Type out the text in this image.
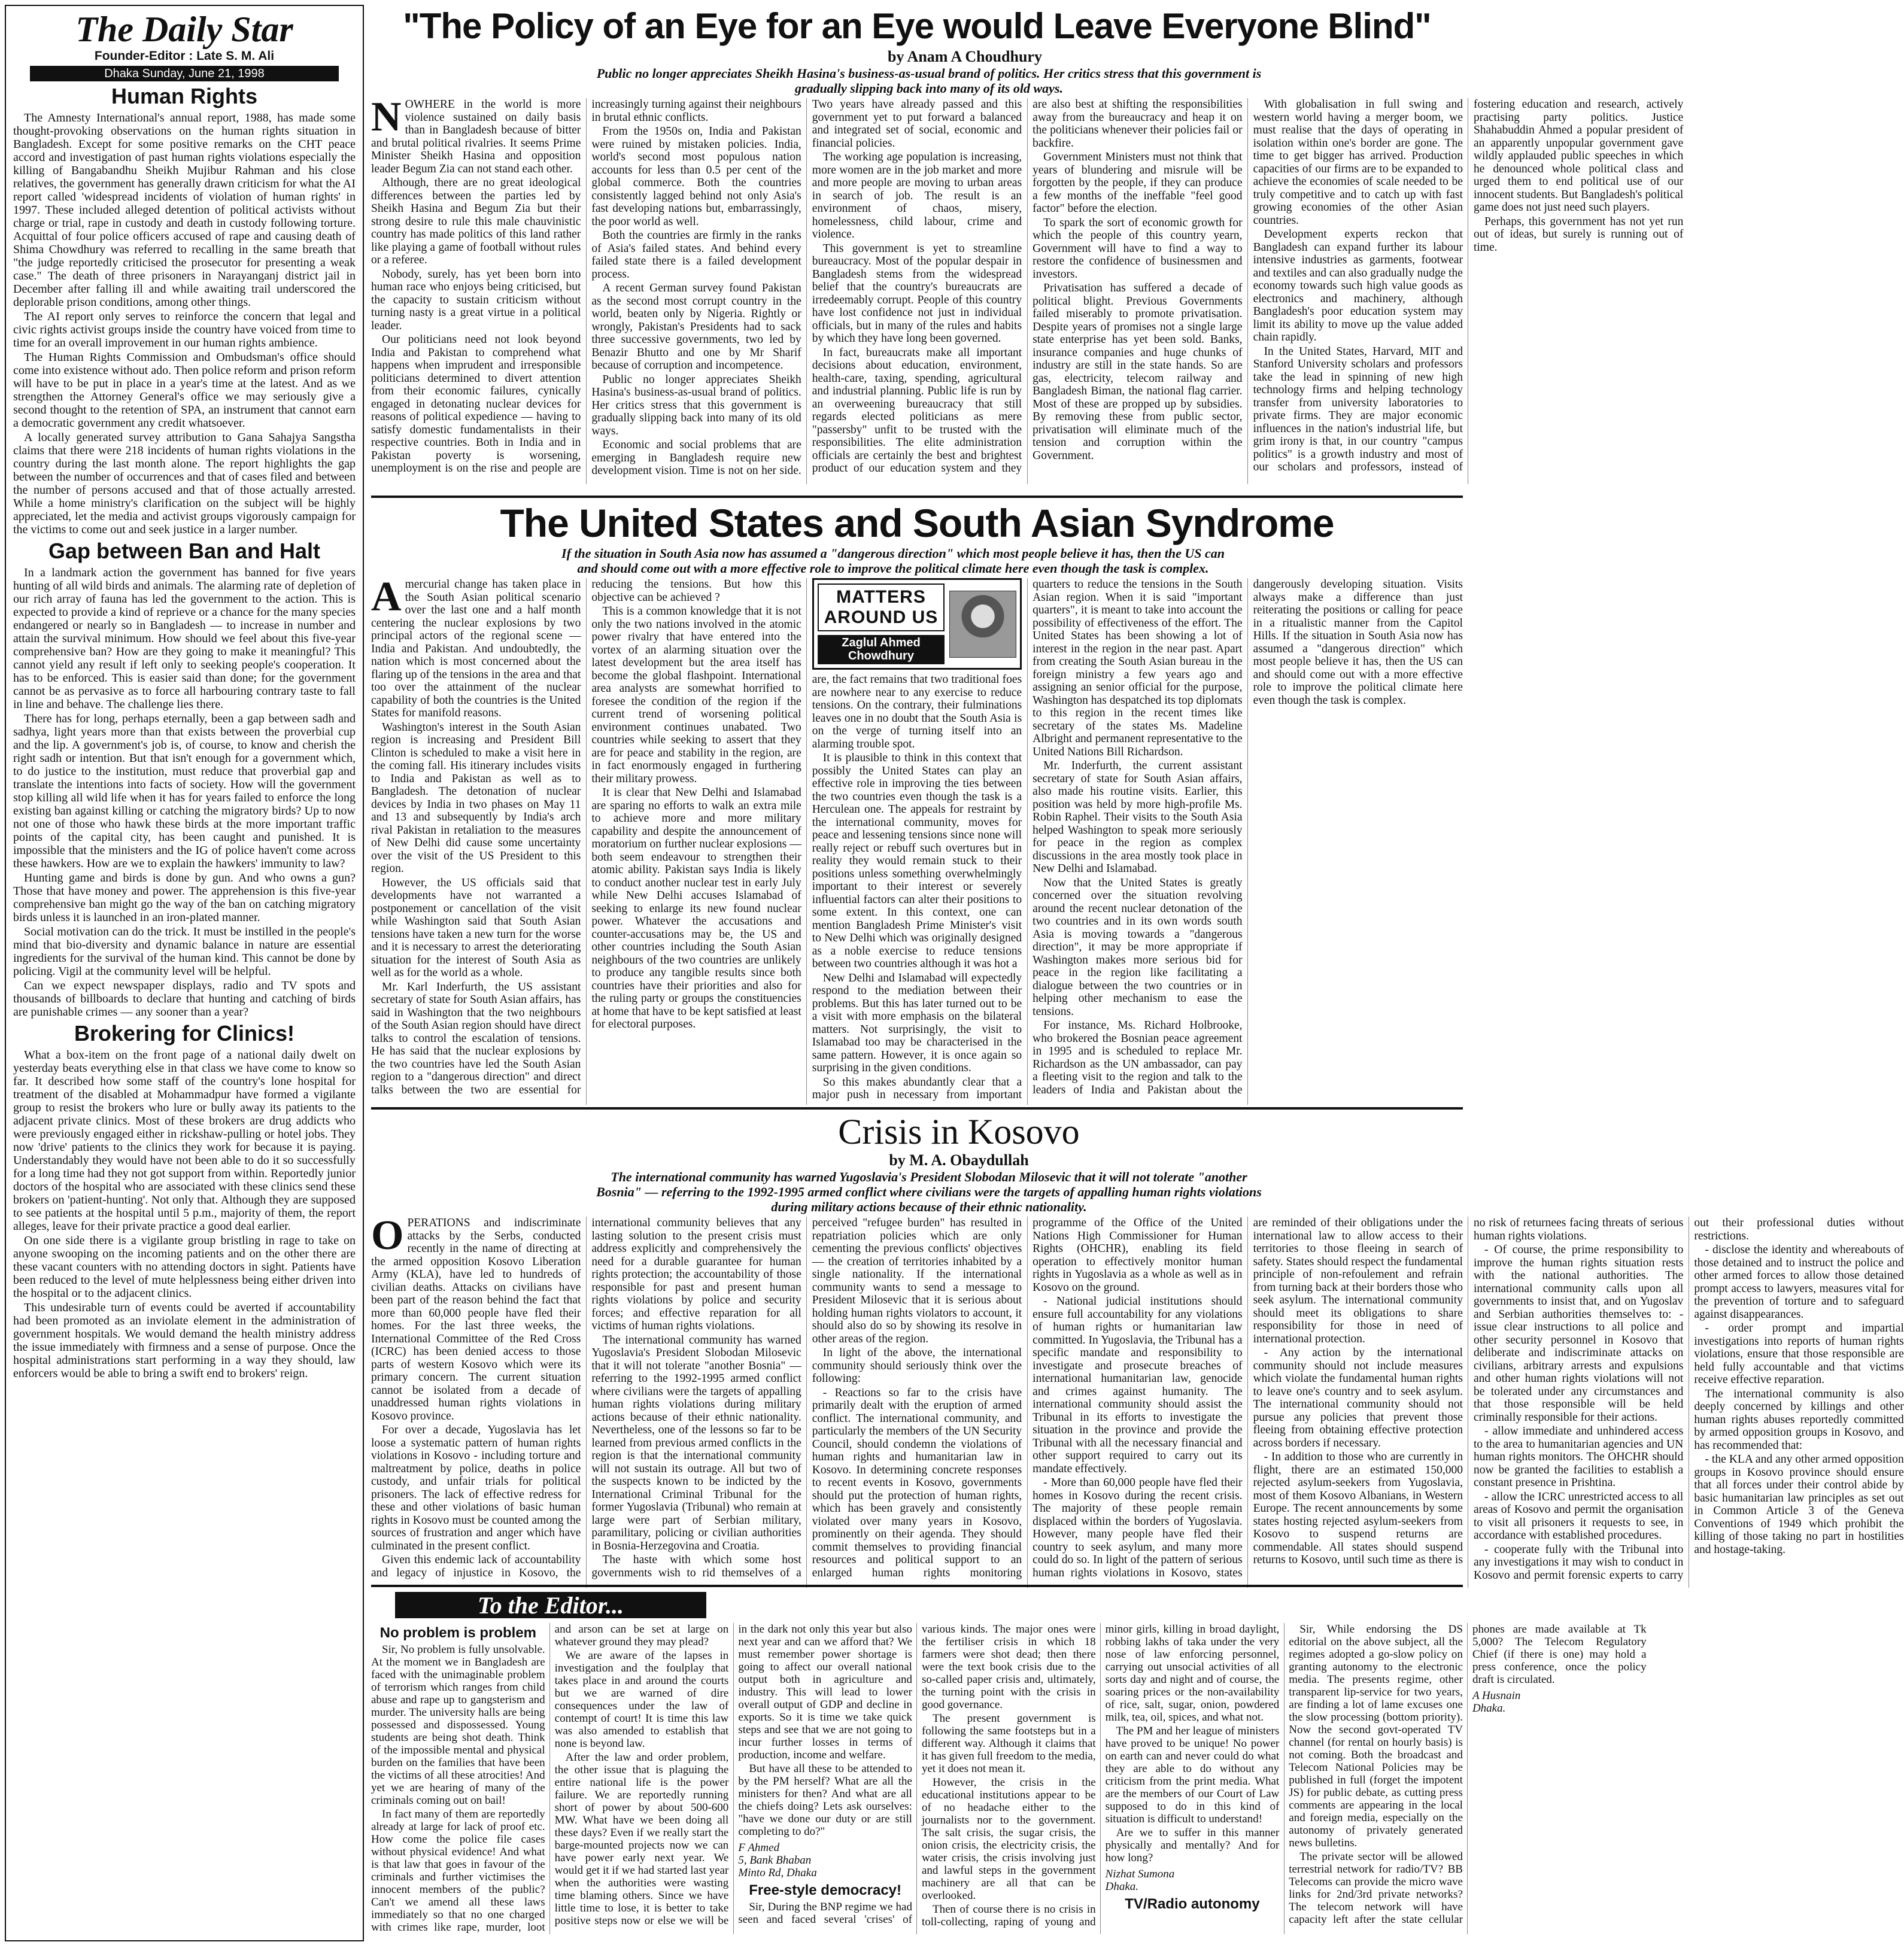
The Daily Star
Founder-Editor : Late S. M. Ali
Dhaka Sunday, June 21, 1998
Human Rights

The Amnesty International's annual report, 1988, has made some thought-provoking observations on the human rights situation in Bangladesh. Except for some positive remarks on the CHT peace accord and investigation of past human rights violations especially the killing of Bangabandhu Sheikh Mujibur Rahman and his close relatives, the government has generally drawn criticism for what the AI report called 'widespread incidents of violation of human rights' in 1997. These included alleged detention of political activists without charge or trial, rape in custody and death in custody following torture. Acquittal of four police officers accused of rape and causing death of Shima Chowdhury was referred to recalling in the same breath that "the judge reportedly criticised the prosecutor for presenting a weak case." The death of three prisoners in Narayanganj district jail in December after falling ill and while awaiting trail underscored the deplorable prison conditions, among other things.

The AI report only serves to reinforce the concern that legal and civic rights activist groups inside the country have voiced from time to time for an overall improvement in our human rights ambience.

The Human Rights Commission and Ombudsman's office should come into existence without ado. Then police reform and prison reform will have to be put in place in a year's time at the latest. And as we strengthen the Attorney General's office we may seriously give a second thought to the retention of SPA, an instrument that cannot earn a democratic government any credit whatsoever.

A locally generated survey attribution to Gana Sahajya Sangstha claims that there were 218 incidents of human rights violations in the country during the last month alone. The report highlights the gap between the number of occurrences and that of cases filed and between the number of persons accused and that of those actually arrested. While a home ministry's clarification on the subject will be highly appreciated, let the media and activist groups vigorously campaign for the victims to come out and seek justice in a larger number.

Gap between Ban and Halt

In a landmark action the government has banned for five years hunting of all wild birds and animals. The alarming rate of depletion of our rich array of fauna has led the government to the action. This is expected to provide a kind of reprieve or a chance for the many species endangered or nearly so in Bangladesh — to increase in number and attain the survival minimum. How should we feel about this five-year comprehensive ban? How are they going to make it meaningful? This cannot yield any result if left only to seeking people's cooperation. It has to be enforced. This is easier said than done; for the government cannot be as pervasive as to force all harbouring contrary taste to fall in line and behave. The challenge lies there.

There has for long, perhaps eternally, been a gap between sadh and sadhya, light years more than that exists between the proverbial cup and the lip. A government's job is, of course, to know and cherish the right sadh or intention. But that isn't enough for a government which, to do justice to the institution, must reduce that proverbial gap and translate the intentions into facts of society. How will the government stop killing all wild life when it has for years failed to enforce the long existing ban against killing or catching the migratory birds? Up to now not one of those who hawk these birds at the more important traffic points of the capital city, has been caught and punished. It is impossible that the ministers and the IG of police haven't come across these hawkers. How are we to explain the hawkers' immunity to law?

Hunting game and birds is done by gun. And who owns a gun? Those that have money and power. The apprehension is this five-year comprehensive ban might go the way of the ban on catching migratory birds unless it is launched in an iron-plated manner.

Social motivation can do the trick. It must be instilled in the people's mind that bio-diversity and dynamic balance in nature are essential ingredients for the survival of the human kind. This cannot be done by policing. Vigil at the community level will be helpful.

Can we expect newspaper displays, radio and TV spots and thousands of billboards to declare that hunting and catching of birds are punishable crimes — any sooner than a year?

Brokering for Clinics!

What a box-item on the front page of a national daily dwelt on yesterday beats everything else in that class we have come to know so far. It described how some staff of the country's lone hospital for treatment of the disabled at Mohammadpur have formed a vigilante group to resist the brokers who lure or bully away its patients to the adjacent private clinics. Most of these brokers are drug addicts who were previously engaged either in rickshaw-pulling or hotel jobs. They now 'drive' patients to the clinics they work for because it is paying. Understandably they would have not been able to do it so successfully for a long time had they not got support from within. Reportedly junior doctors of the hospital who are associated with these clinics send these brokers on 'patient-hunting'. Not only that. Although they are supposed to see patients at the hospital until 5 p.m., majority of them, the report alleges, leave for their private practice a good deal earlier.

On one side there is a vigilante group bristling in rage to take on anyone swooping on the incoming patients and on the other there are these vacant counters with no attending doctors in sight. Patients have been reduced to the level of mute helplessness being either driven into the hospital or to the adjacent clinics.

This undesirable turn of events could be averted if accountability had been promoted as an inviolate element in the administration of government hospitals. We would demand the health ministry address the issue immediately with firmness and a sense of purpose. Once the hospital administrations start performing in a way they should, law enforcers would be able to bring a swift end to brokers' reign.

"The Policy of an Eye for an Eye would Leave Everyone Blind"
by Anam A Choudhury
Public no longer appreciates Sheikh Hasina's business-as-usual brand of politics. Her critics stress that this government is gradually slipping back into many of its old ways.
N OWHERE in the world is more violence sustained on daily basis than in Bangladesh because of bitter and brutal political rivalries. It seems Prime Minister Sheikh Hasina and opposition leader Begum Zia can not stand each other.

Although, there are no great ideological differences between the parties led by Sheikh Hasina and Begum Zia but their strong desire to rule this male chauvinistic country has made politics of this land rather like playing a game of football without rules or a referee.

Nobody, surely, has yet been born into human race who enjoys being criticised, but the capacity to sustain criticism without turning nasty is a great virtue in a political leader.

Our politicians need not look beyond India and Pakistan to comprehend what happens when imprudent and irresponsible politicians determined to divert attention from their economic failures, cynically engaged in detonating nuclear devices for reasons of political expedience — having to satisfy domestic fundamentalists in their respective countries. Both in India and in Pakistan poverty is worsening, unemployment is on the rise and people are increasingly turning against their neighbours in brutal ethnic conflicts.

From the 1950s on, India and Pakistan were ruined by mistaken policies. India, world's second most populous nation accounts for less than 0.5 per cent of the global commerce. Both the countries consistently lagged behind not only Asia's fast developing nations but, embarrassingly, the poor world as well.

Both the countries are firmly in the ranks of Asia's failed states. And behind every failed state there is a failed development process.

A recent German survey found Pakistan as the second most corrupt country in the world, beaten only by Nigeria. Rightly or wrongly, Pakistan's Presidents had to sack three successive governments, two led by Benazir Bhutto and one by Mr Sharif because of corruption and incompetence.

Public no longer appreciates Sheikh Hasina's business-as-usual brand of politics. Her critics stress that this government is gradually slipping back into many of its old ways.

Economic and social problems that are emerging in Bangladesh require new development vision. Time is not on her side. Two years have already passed and this government yet to put forward a balanced and integrated set of social, economic and financial policies.

The working age population is increasing, more women are in the job market and more and more people are moving to urban areas in search of job. The result is an environment of chaos, misery, homelessness, child labour, crime and violence.

This government is yet to streamline bureaucracy. Most of the popular despair in Bangladesh stems from the widespread belief that the country's bureaucrats are irredeemably corrupt. People of this country have lost confidence not just in individual officials, but in many of the rules and habits by which they have long been governed.

In fact, bureaucrats make all important decisions about education, environment, health-care, taxing, spending, agricultural and industrial planning. Public life is run by an overweening bureaucracy that still regards elected politicians as mere "passersby" unfit to be trusted with the responsibilities. The elite administration officials are certainly the best and brightest product of our education system and they are also best at shifting the responsibilities away from the bureaucracy and heap it on the politicians whenever their policies fail or backfire.

Government Ministers must not think that years of blundering and misrule will be forgotten by the people, if they can produce a few months of the ineffable "feel good factor" before the election.

To spark the sort of economic growth for which the people of this country yearn, Government will have to find a way to restore the confidence of businessmen and investors.

Privatisation has suffered a decade of political blight. Previous Governments failed miserably to promote privatisation. Despite years of promises not a single large state enterprise has yet been sold. Banks, insurance companies and huge chunks of industry are still in the state hands. So are gas, electricity, telecom railway and Bangladesh Biman, the national flag carrier. Most of these are propped up by subsidies. By removing these from public sector, privatisation will eliminate much of the tension and corruption within the Government.

With globalisation in full swing and western world having a merger boom, we must realise that the days of operating in isolation within one's border are gone. The time to get bigger has arrived. Production capacities of our firms are to be expanded to achieve the economies of scale needed to be truly competitive and to catch up with fast growing economies of the other Asian countries.

Development experts reckon that Bangladesh can expand further its labour intensive industries as garments, footwear and textiles and can also gradually nudge the economy towards such high value goods as electronics and machinery, although Bangladesh's poor education system may limit its ability to move up the value added chain rapidly.

In the United States, Harvard, MIT and Stanford University scholars and professors take the lead in spinning of new high technology firms and helping technology transfer from university laboratories to private firms. They are major economic influences in the nation's industrial life, but grim irony is that, in our country "campus politics" is a growth industry and most of our scholars and professors, instead of fostering education and research, actively practising party politics. Justice Shahabuddin Ahmed a popular president of an apparently unpopular government gave wildly applauded public speeches in which he denounced whole political class and urged them to end political use of our innocent students. But Bangladesh's political game does not just need such players.

Perhaps, this government has not yet run out of ideas, but surely is running out of time.

The United States and South Asian Syndrome
If the situation in South Asia now has assumed a "dangerous direction" which most people believe it has, then the US can and should come out with a more effective role to improve the political climate here even though the task is complex.
A mercurial change has taken place in the South Asian political scenario over the last one and a half month centering the nuclear explosions by two principal actors of the regional scene — India and Pakistan. And undoubtedly, the nation which is most concerned about the flaring up of the tensions in the area and that too over the attainment of the nuclear capability of both the countries is the United States for manifold reasons.

Washington's interest in the South Asian region is increasing and President Bill Clinton is scheduled to make a visit here in the coming fall. His itinerary includes visits to India and Pakistan as well as to Bangladesh. The detonation of nuclear devices by India in two phases on May 11 and 13 and subsequently by India's arch rival Pakistan in retaliation to the measures of New Delhi did cause some uncertainty over the visit of the US President to this region.

However, the US officials said that developments have not warranted a postponement or cancellation of the visit while Washington said that South Asian tensions have taken a new turn for the worse and it is necessary to arrest the deteriorating situation for the interest of South Asia as well as for the world as a whole.

Mr. Karl Inderfurth, the US assistant secretary of state for South Asian affairs, has said in Washington that the two neighbours of the South Asian region should have direct talks to control the escalation of tensions. He has said that the nuclear explosions by the two countries have led the South Asian region to a "dangerous direction" and direct talks between the two are essential for reducing the tensions. But how this objective can be achieved ?

This is a common knowledge that it is not only the two nations involved in the atomic power rivalry that have entered into the vortex of an alarming situation over the latest development but the area itself has become the global flashpoint. International area analysts are somewhat horrified to foresee the condition of the region if the current trend of worsening political environment continues unabated. Two countries while seeking to assert that they are for peace and stability in the region, are in fact enormously engaged in furthering their military prowess.

It is clear that New Delhi and Islamabad are sparing no efforts to walk an extra mile to achieve more and more military capability and despite the announcement of moratorium on further nuclear explosions — both seem endeavour to strengthen their atomic ability. Pakistan says India is likely to conduct another nuclear test in early July while New Delhi accuses Islamabad of seeking to enlarge its new found nuclear power. Whatever the accusations and counter-accusations may be, the US and other countries including the South Asian neighbours of the two countries are unlikely to produce any tangible results since both countries have their priorities and also for the ruling party or groups the constituencies at home that have to be kept satisfied at least for electoral purposes.

MATTERS AROUND US
Zaglul Ahmed Chowdhury

are, the fact remains that two traditional foes are nowhere near to any exercise to reduce tensions. On the contrary, their fulminations leaves one in no doubt that the South Asia is on the verge of turning itself into an alarming trouble spot.

It is plausible to think in this context that possibly the United States can play an effective role in improving the ties between the two countries even though the task is a Herculean one. The appeals for restraint by the international community, moves for peace and lessening tensions since none will really reject or rebuff such overtures but in reality they would remain stuck to their positions unless something overwhelmingly important to their interest or severely influential factors can alter their positions to some extent. In this context, one can mention Bangladesh Prime Minister's visit to New Delhi which was originally designed as a noble exercise to reduce tensions between two countries although it was hot a

New Delhi and Islamabad will expectedly respond to the mediation between their problems. But this has later turned out to be a visit with more emphasis on the bilateral matters. Not surprisingly, the visit to Islamabad too may be characterised in the same pattern. However, it is once again so surprising in the given conditions.

So this makes abundantly clear that a major push in necessary from important quarters to reduce the tensions in the South Asian region. When it is said "important quarters", it is meant to take into account the possibility of effectiveness of the effort. The United States has been showing a lot of interest in the region in the near past. Apart from creating the South Asian bureau in the foreign ministry a few years ago and assigning an senior official for the purpose, Washington has despatched its top diplomats to this region in the recent times like secretary of the states Ms. Madeline Albright and permanent representative to the United Nations Bill Richardson.

Mr. Inderfurth, the current assistant secretary of state for South Asian affairs, also made his routine visits. Earlier, this position was held by more high-profile Ms. Robin Raphel. Their visits to the South Asia helped Washington to speak more seriously for peace in the region as complex discussions in the area mostly took place in New Delhi and Islamabad.

Now that the United States is greatly concerned over the situation revolving around the recent nuclear detonation of the two countries and in its own words south Asia is moving towards a "dangerous direction", it may be more appropriate if Washington makes more serious bid for peace in the region like facilitating a dialogue between the two countries or in helping other mechanism to ease the tensions.

For instance, Ms. Richard Holbrooke, who brokered the Bosnian peace agreement in 1995 and is scheduled to replace Mr. Richardson as the UN ambassador, can pay a fleeting visit to the region and talk to the leaders of India and Pakistan about the dangerously developing situation. Visits always make a difference than just reiterating the positions or calling for peace in a ritualistic manner from the Capitol Hills. If the situation in South Asia now has assumed a "dangerous direction" which most people believe it has, then the US can and should come out with a more effective role to improve the political climate here even though the task is complex.

Crisis in Kosovo
by M. A. Obaydullah
The international community has warned Yugoslavia's President Slobodan Milosevic that it will not tolerate "another Bosnia" — referring to the 1992-1995 armed conflict where civilians were the targets of appalling human rights violations during military actions because of their ethnic nationality.
O PERATIONS and indiscriminate attacks by the Serbs, conducted recently in the name of directing at the armed opposition Kosovo Liberation Army (KLA), have led to hundreds of civilian deaths. Attacks on civilians have been part of the reason behind the fact that more than 60,000 people have fled their homes. For the last three weeks, the International Committee of the Red Cross (ICRC) has been denied access to those parts of western Kosovo which were its primary concern. The current situation cannot be isolated from a decade of unaddressed human rights violations in Kosovo province.

For over a decade, Yugoslavia has let loose a systematic pattern of human rights violations in Kosovo - including torture and maltreatment by police, deaths in police custody, and unfair trials for political prisoners. The lack of effective redress for these and other violations of basic human rights in Kosovo must be counted among the sources of frustration and anger which have culminated in the present conflict.

Given this endemic lack of accountability and legacy of injustice in Kosovo, the international community believes that any lasting solution to the present crisis must address explicitly and comprehensively the need for a durable guarantee for human rights protection; the accountability of those responsible for past and present human rights violations by police and security forces; and effective reparation for all victims of human rights violations.

The international community has warned Yugoslavia's President Slobodan Milosevic that it will not tolerate "another Bosnia" — referring to the 1992-1995 armed conflict where civilians were the targets of appalling human rights violations during military actions because of their ethnic nationality. Nevertheless, one of the lessons so far to be learned from previous armed conflicts in the region is that the international community will not sustain its outrage. All but two of the suspects known to be indicted by the International Criminal Tribunal for the former Yugoslavia (Tribunal) who remain at large were part of Serbian military, paramilitary, policing or civilian authorities in Bosnia-Herzegovina and Croatia.

The haste with which some host governments wish to rid themselves of a perceived "refugee burden" has resulted in repatriation policies which are only cementing the previous conflicts' objectives — the creation of territories inhabited by a single nationality. If the international community wants to send a message to President Milosevic that it is serious about holding human rights violators to account, it should also do so by showing its resolve in other areas of the region.

In light of the above, the international community should seriously think over the following:

- Reactions so far to the crisis have primarily dealt with the eruption of armed conflict. The international community, and particularly the members of the UN Security Council, should condemn the violations of human rights and humanitarian law in Kosovo. In determining concrete responses to recent events in Kosovo, governments should put the protection of human rights, which has been gravely and consistently violated over many years in Kosovo, prominently on their agenda. They should commit themselves to providing financial resources and political support to an enlarged human rights monitoring programme of the Office of the United Nations High Commissioner for Human Rights (OHCHR), enabling its field operation to effectively monitor human rights in Yugoslavia as a whole as well as in Kosovo on the ground.

- National judicial institutions should ensure full accountability for any violations of human rights or humanitarian law committed. In Yugoslavia, the Tribunal has a specific mandate and responsibility to investigate and prosecute breaches of international humanitarian law, genocide and crimes against humanity. The international community should assist the Tribunal in its efforts to investigate the situation in the province and provide the Tribunal with all the necessary financial and other support required to carry out its mandate effectively.

- More than 60,000 people have fled their homes in Kosovo during the recent crisis. The majority of these people remain displaced within the borders of Yugoslavia. However, many people have fled their country to seek asylum, and many more could do so. In light of the pattern of serious human rights violations in Kosovo, states are reminded of their obligations under the international law to allow access to their territories to those fleeing in search of safety. States should respect the fundamental principle of non-refoulement and refrain from turning back at their borders those who seek asylum. The international community should meet its obligations to share responsibility for those in need of international protection.

- Any action by the international community should not include measures which violate the fundamental human rights to leave one's country and to seek asylum. The international community should not pursue any policies that prevent those fleeing from obtaining effective protection across borders if necessary.

- In addition to those who are currently in flight, there are an estimated 150,000 rejected asylum-seekers from Yugoslavia, most of them Kosovo Albanians, in Western Europe. The recent announcements by some states hosting rejected asylum-seekers from Kosovo to suspend returns are commendable. All states should suspend returns to Kosovo, until such time as there is no risk of returnees facing threats of serious human rights violations.

- Of course, the prime responsibility to improve the human rights situation rests with the national authorities. The international community calls upon all governments to insist that, and on Yugoslav and Serbian authorities themselves to: - issue clear instructions to all police and other security personnel in Kosovo that deliberate and indiscriminate attacks on civilians, arbitrary arrests and expulsions and other human rights violations will not be tolerated under any circumstances and that those responsible will be held criminally responsible for their actions.

- allow immediate and unhindered access to the area to humanitarian agencies and UN human rights monitors. The OHCHR should now be granted the facilities to establish a constant presence in Prishtina.

- allow the ICRC unrestricted access to all areas of Kosovo and permit the organisation to visit all prisoners it requests to see, in accordance with established procedures.

- cooperate fully with the Tribunal into any investigations it may wish to conduct in Kosovo and permit forensic experts to carry out their professional duties without restrictions.

- disclose the identity and whereabouts of those detained and to instruct the police and other armed forces to allow those detained prompt access to lawyers, measures vital for the prevention of torture and to safeguard against disappearances.

- order prompt and impartial investigations into reports of human rights violations, ensure that those responsible are held fully accountable and that victims receive effective reparation.

The international community is also deeply concerned by killings and other human rights abuses reportedly committed by armed opposition groups in Kosovo, and has recommended that:

- the KLA and any other armed opposition groups in Kosovo province should ensure that all forces under their control abide by basic humanitarian law principles as set out in Common Article 3 of the Geneva Conventions of 1949 which prohibit the killing of those taking no part in hostilities and hostage-taking.

To the Editor...
No problem is problem

Sir, No problem is fully unsolvable. At the moment we in Bangladesh are faced with the unimaginable problem of terrorism which ranges from child abuse and rape up to gangsterism and murder. The university halls are being possessed and dispossessed. Young students are being shot death. Think of the impossible mental and physical burden on the families that have been the victims of all these atrocities! And yet we are hearing of many of the criminals coming out on bail!

In fact many of them are reportedly already at large for lack of proof etc. How come the police file cases without physical evidence! And what is that law that goes in favour of the criminals and further victimises the innocent members of the public? Can't we amend all these laws immediately so that no one charged with crimes like rape, murder, loot and arson can be set at large on whatever ground they may plead?

We are aware of the lapses in investigation and the foulplay that takes place in and around the courts but we are warned of dire consequences under the law of contempt of court! It is time this law was also amended to establish that none is beyond law.

After the law and order problem, the other issue that is plaguing the entire national life is the power failure. We are reportedly running short of power by about 500-600 MW. What have we been doing all these days? Even if we really start the barge-mounted projects now we can have power early next year. We would get it if we had started last year when the authorities were wasting time blaming others. Since we have little time to lose, it is better to take positive steps now or else we will be in the dark not only this year but also next year and can we afford that? We must remember power shortage is going to affect our overall national output both in agriculture and industry. This will lead to lower overall output of GDP and decline in exports. So it is time we take quick steps and see that we are not going to incur further losses in terms of production, income and welfare.

But have all these to be attended to by the PM herself? What are all the ministers for then? And what are all the chiefs doing? Lets ask ourselves: "have we done our duty or are still completing to do?"

F Ahmed
5, Bank Bhaban
Minto Rd, Dhaka
Free-style democracy!

Sir, During the BNP regime we had seen and faced several 'crises' of various kinds. The major ones were the fertiliser crisis in which 18 farmers were shot dead; then there were the text book crisis due to the so-called paper crisis and, ultimately, the turning point with the crisis in good governance.

The present government is following the same footsteps but in a different way. Although it claims that it has given full freedom to the media, yet it does not mean it.

However, the crisis in the educational institutions appear to be of no headache either to the journalists nor to the government. The salt crisis, the sugar crisis, the onion crisis, the electricity crisis, the water crisis, the crisis involving just and lawful steps in the government machinery are all that can be overlooked.

Then of course there is no crisis in toll-collecting, raping of young and minor girls, killing in broad daylight, robbing lakhs of taka under the very nose of law enforcing personnel, carrying out unsocial activities of all sorts day and night and of course, the soaring prices or the non-availability of rice, salt, sugar, onion, powdered milk, tea, oil, spices, and what not.

The PM and her league of ministers have proved to be unique! No power on earth can and never could do what they are able to do without any criticism from the print media. What are the members of our Court of Law supposed to do in this kind of situation is difficult to understand!

Are we to suffer in this manner physically and mentally? And for how long?

Nizhat Sumona
Dhaka.
TV/Radio autonomy

Sir, While endorsing the DS editorial on the above subject, all the regimes adopted a go-slow policy on granting autonomy to the electronic media. The presents regime, other transparent lip-service for two years, are finding a lot of lame excuses one the slow processing (bottom priority). Now the second govt-operated TV channel (for rental on hourly basis) is not coming. Both the broadcast and Telecom National Policies may be published in full (forget the impotent JS) for public debate, as cutting press comments are appearing in the local and foreign media, especially on the autonomy of privately generated news bulletins.

The private sector will be allowed terrestrial network for radio/TV? BB Telecoms can provide the micro wave links for 2nd/3rd private networks? The telecom network will have capacity left after the state cellular phones are made available at Tk 5,000? The Telecom Regulatory Chief (if there is one) may hold a press conference, once the policy draft is circulated.

A Husnain
Dhaka.
